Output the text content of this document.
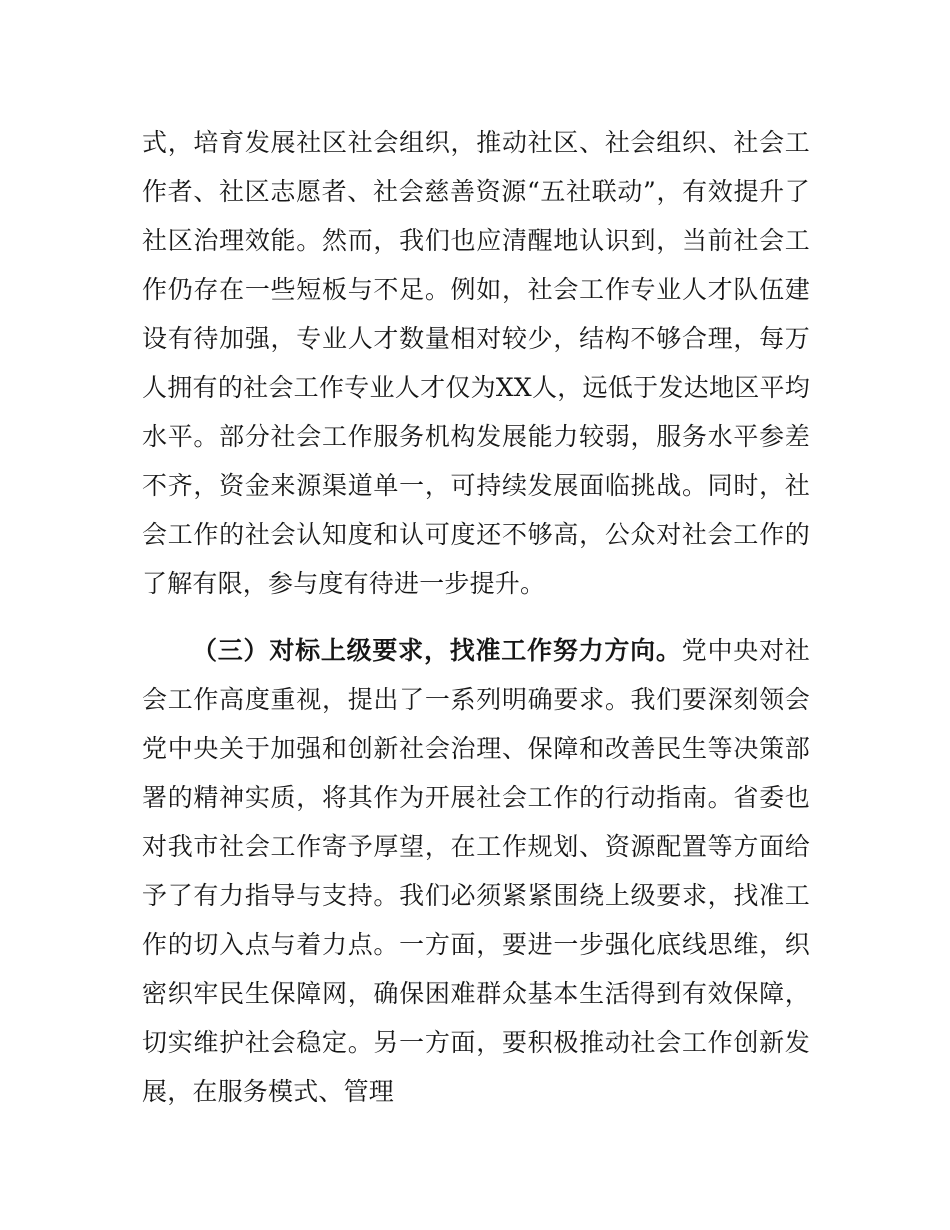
式，培育发展社区社会组织，推动社区、社会组织、社会工作者、社区志愿者、社会慈善资源“五社联动”，有效提升了社区治理效能。然而，我们也应清醒地认识到，当前社会工作仍存在一些短板与不足。例如，社会工作专业人才队伍建设有待加强，专业人才数量相对较少，结构不够合理，每万人拥有的社会工作专业人才仅为XX人，远低于发达地区平均水平。部分社会工作服务机构发展能力较弱，服务水平参差不齐，资金来源渠道单一，可持续发展面临挑战。同时，社会工作的社会认知度和认可度还不够高，公众对社会工作的了解有限，参与度有待进一步提升。

（三）对标上级要求，找准工作努力方向。党中央对社会工作高度重视，提出了一系列明确要求。我们要深刻领会党中央关于加强和创新社会治理、保障和改善民生等决策部署的精神实质，将其作为开展社会工作的行动指南。省委也对我市社会工作寄予厚望，在工作规划、资源配置等方面给予了有力指导与支持。我们必须紧紧围绕上级要求，找准工作的切入点与着力点。一方面，要进一步强化底线思维，织密织牢民生保障网，确保困难群众基本生活得到有效保障，切实维护社会稳定。另一方面，要积极推动社会工作创新发展，在服务模式、管理
